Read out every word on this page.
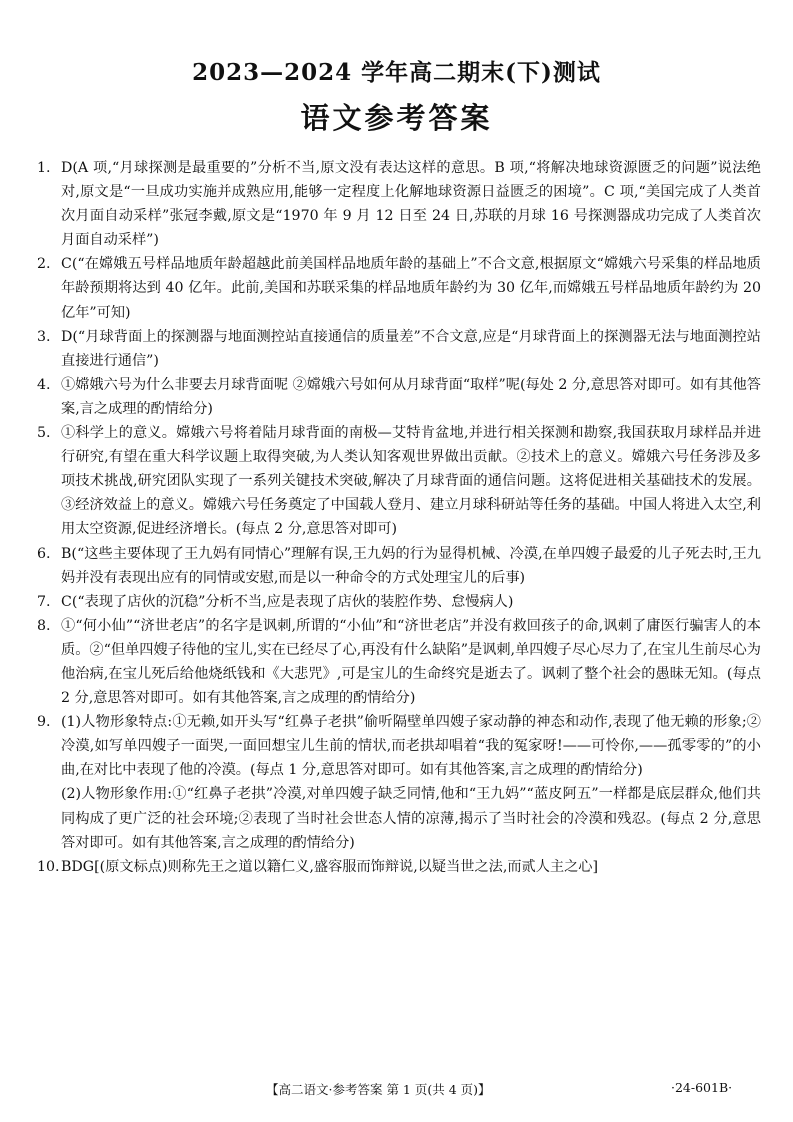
2023—2024 学年高二期末(下)测试
语文参考答案
1. D(A 项,“月球探测是最重要的”分析不当,原文没有表达这样的意思。B 项,“将解决地球资源匮乏的问题”说法绝对,原文是“一旦成功实施并成熟应用,能够一定程度上化解地球资源日益匮乏的困境”。C 项,“美国完成了人类首次月面自动采样”张冠李戴,原文是“1970 年 9 月 12 日至 24 日,苏联的月球 16 号探测器成功完成了人类首次月面自动采样”)

2. C(“在嫦娥五号样品地质年龄超越此前美国样品地质年龄的基础上”不合文意,根据原文“嫦娥六号采集的样品地质年龄预期将达到 40 亿年。此前,美国和苏联采集的样品地质年龄约为 30 亿年,而嫦娥五号样品地质年龄约为 20 亿年”可知)

3. D(“月球背面上的探测器与地面测控站直接通信的质量差”不合文意,应是“月球背面上的探测器无法与地面测控站直接进行通信”)

4. ①嫦娥六号为什么非要去月球背面呢 ②嫦娥六号如何从月球背面“取样”呢(每处 2 分,意思答对即可。如有其他答案,言之成理的酌情给分)

5. ①科学上的意义。嫦娥六号将着陆月球背面的南极—艾特肯盆地,并进行相关探测和勘察,我国获取月球样品并进行研究,有望在重大科学议题上取得突破,为人类认知客观世界做出贡献。②技术上的意义。嫦娥六号任务涉及多项技术挑战,研究团队实现了一系列关键技术突破,解决了月球背面的通信问题。这将促进相关基础技术的发展。③经济效益上的意义。嫦娥六号任务奠定了中国载人登月、建立月球科研站等任务的基础。中国人将进入太空,利用太空资源,促进经济增长。(每点 2 分,意思答对即可)

6. B(“这些主要体现了王九妈有同情心”理解有误,王九妈的行为显得机械、冷漠,在单四嫂子最爱的儿子死去时,王九妈并没有表现出应有的同情或安慰,而是以一种命令的方式处理宝儿的后事)

7. C(“表现了店伙的沉稳”分析不当,应是表现了店伙的装腔作势、怠慢病人)

8. ①“何小仙”“济世老店”的名字是讽刺,所谓的“小仙”和“济世老店”并没有救回孩子的命,讽刺了庸医行骗害人的本质。②“但单四嫂子待他的宝儿,实在已经尽了心,再没有什么缺陷”是讽刺,单四嫂子尽心尽力了,在宝儿生前尽心为他治病,在宝儿死后给他烧纸钱和《大悲咒》,可是宝儿的生命终究是逝去了。讽刺了整个社会的愚昧无知。(每点 2 分,意思答对即可。如有其他答案,言之成理的酌情给分)

9. (1)人物形象特点:①无赖,如开头写“红鼻子老拱”偷听隔壁单四嫂子家动静的神态和动作,表现了他无赖的形象;②冷漠,如写单四嫂子一面哭,一面回想宝儿生前的情状,而老拱却唱着“我的冤家呀!——可怜你,——孤零零的”的小曲,在对比中表现了他的冷漠。(每点 1 分,意思答对即可。如有其他答案,言之成理的酌情给分)

(2)人物形象作用:①“红鼻子老拱”冷漠,对单四嫂子缺乏同情,他和“王九妈”“蓝皮阿五”一样都是底层群众,他们共同构成了更广泛的社会环境;②表现了当时社会世态人情的凉薄,揭示了当时社会的冷漠和残忍。(每点 2 分,意思答对即可。如有其他答案,言之成理的酌情给分)

10. BDG[(原文标点)则称先王之道以籍仁义,盛容服而饰辩说,以疑当世之法,而贰人主之心]

【高二语文·参考答案 第 1 页(共 4 页)】	·24-601B·
